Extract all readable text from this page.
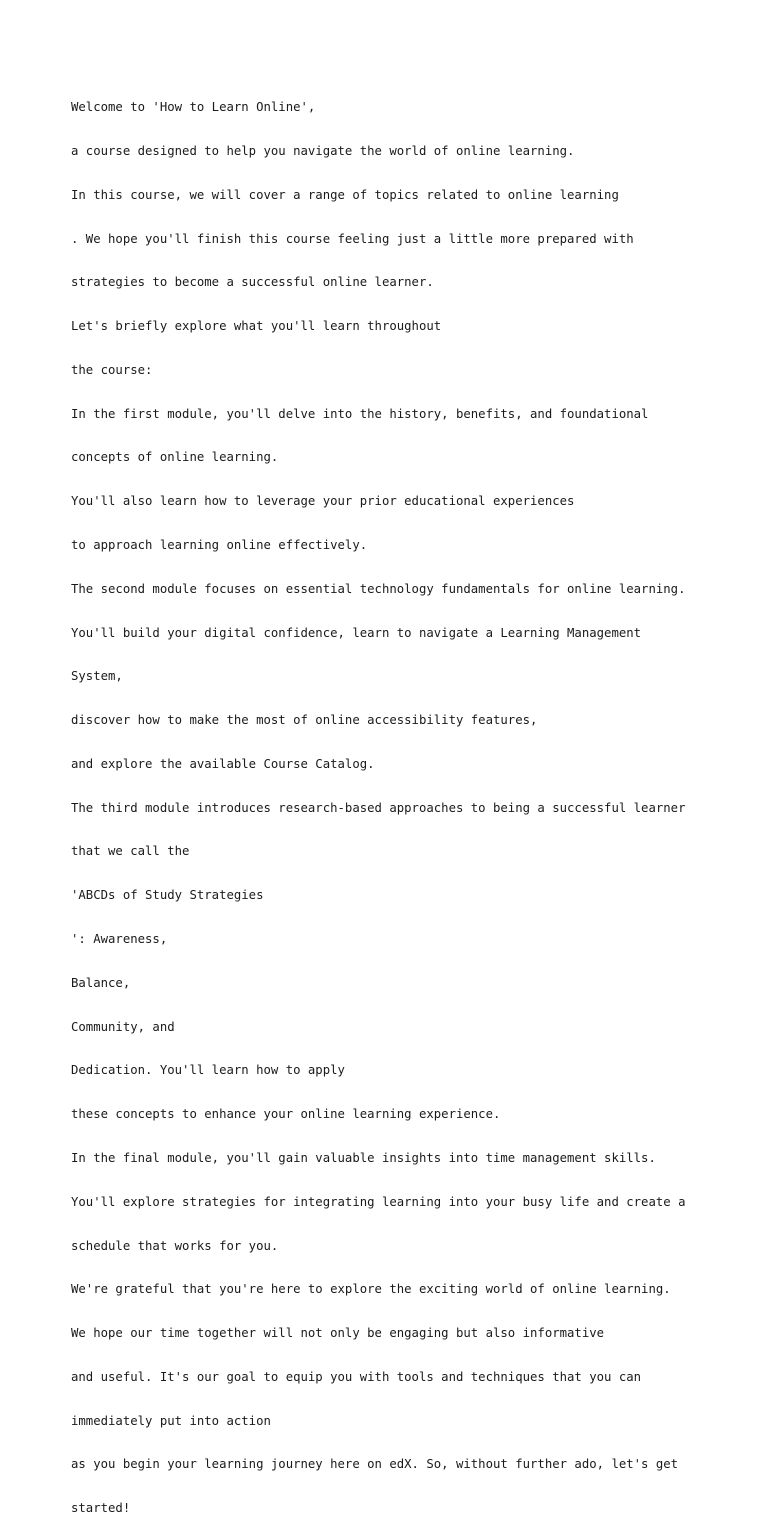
Welcome to 'How to Learn Online',

a course designed to help you navigate the world of online learning.

In this course, we will cover a range of topics related to online learning

. We hope you'll finish this course feeling just a little more prepared with

strategies to become a successful online learner.

Let's briefly explore what you'll learn throughout

the course:

In the first module, you'll delve into the history, benefits, and foundational

concepts of online learning.

You'll also learn how to leverage your prior educational experiences

to approach learning online effectively.

The second module focuses on essential technology fundamentals for online learning.

You'll build your digital confidence, learn to navigate a Learning Management

System,

discover how to make the most of online accessibility features,

and explore the available Course Catalog.

The third module introduces research-based approaches to being a successful learner

that we call the

'ABCDs of Study Strategies

': Awareness,

Balance,

Community, and

Dedication. You'll learn how to apply

these concepts to enhance your online learning experience.

In the final module, you'll gain valuable insights into time management skills.

You'll explore strategies for integrating learning into your busy life and create a

schedule that works for you.

We're grateful that you're here to explore the exciting world of online learning.

We hope our time together will not only be engaging but also informative

and useful. It's our goal to equip you with tools and techniques that you can

immediately put into action

as you begin your learning journey here on edX. So, without further ado, let's get

started!
